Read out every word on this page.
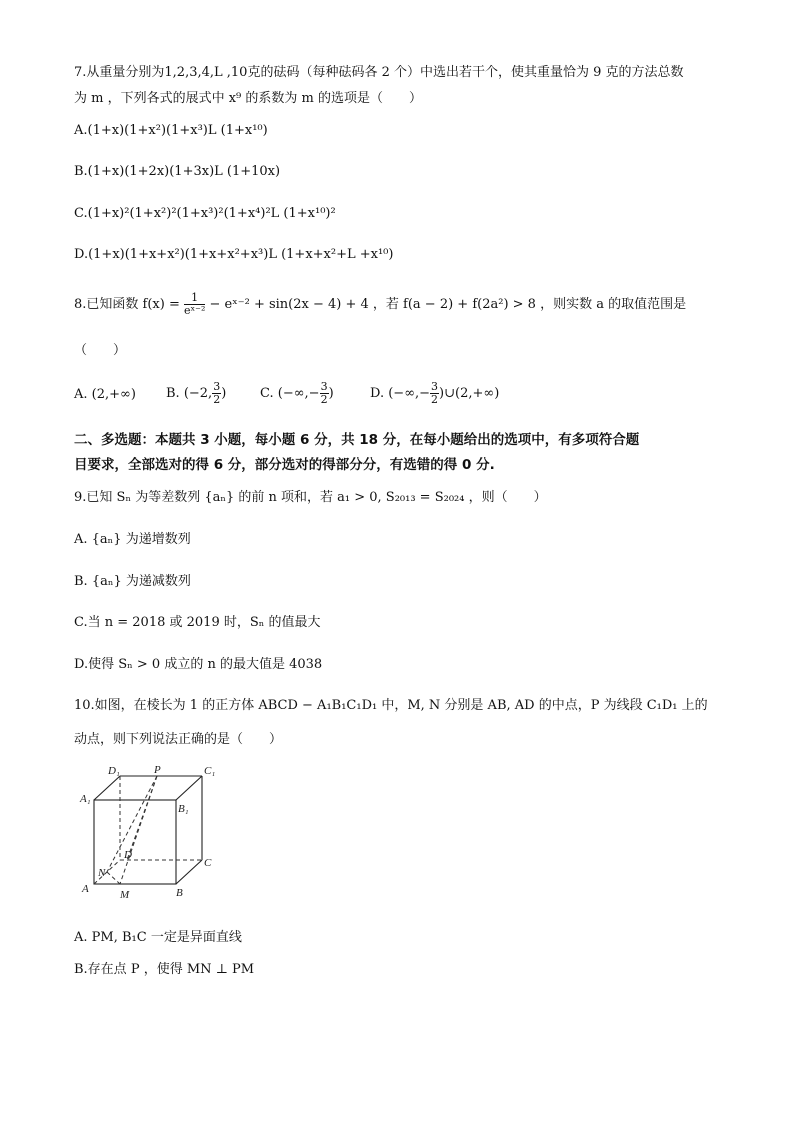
7.从重量分别为1,2,3,4,L ,10克的砝码（每种砝码各 2 个）中选出若干个，使其重量恰为 9 克的方法总数
为 m ，下列各式的展式中 x⁹ 的系数为 m 的选项是（　　）
A.(1+x)(1+x²)(1+x³)L (1+x¹⁰)
B.(1+x)(1+2x)(1+3x)L (1+10x)
C.(1+x)²(1+x²)²(1+x³)²(1+x⁴)²L (1+x¹⁰)²
D.(1+x)(1+x+x²)(1+x+x²+x³)L (1+x+x²+L +x¹⁰)
8.已知函数 $f(x) = \frac{1}{\text{eˣ⁻²}}$ − eˣ⁻² + sin(2x − 4) + 4 ，若 f(a − 2) + f(2a²) > 8 ，则实数 a 的取值范围是
（　　）
A. (2,+∞) B. (−2, $\frac{3}{2}$ )	C. (−∞,− $\frac{3}{2}$ )	D. (−∞,− $\frac{3}{2}$ )∪(2,+∞)
二、多选题：本题共 3 小题，每小题 6 分，共 18 分，在每小题给出的选项中，有多项符合题
目要求，全部选对的得 6 分，部分选对的得部分分，有选错的得 0 分.
9.已知 Sₙ 为等差数列 {aₙ} 的前 n 项和，若 a₁ > 0, S₂₀₁₃ = S₂₀₂₄ ，则（　　）
A. {aₙ} 为递增数列
B. {aₙ} 为递减数列
C.当 n = 2018 或 2019 时，Sₙ 的值最大
D.使得 Sₙ > 0 成立的 n 的最大值是 4038
10.如图，在棱长为 1 的正方体 ABCD − A₁B₁C₁D₁ 中，M, N 分别是 AB, AD 的中点，P 为线段 C₁D₁ 上的
动点，则下列说法正确的是（　　）
D₁	P	C₁
A₁
B₁
D
C
N
A	M	B
A. PM, B₁C 一定是异面直线
B.存在点 P ，使得 MN ⊥ PM
